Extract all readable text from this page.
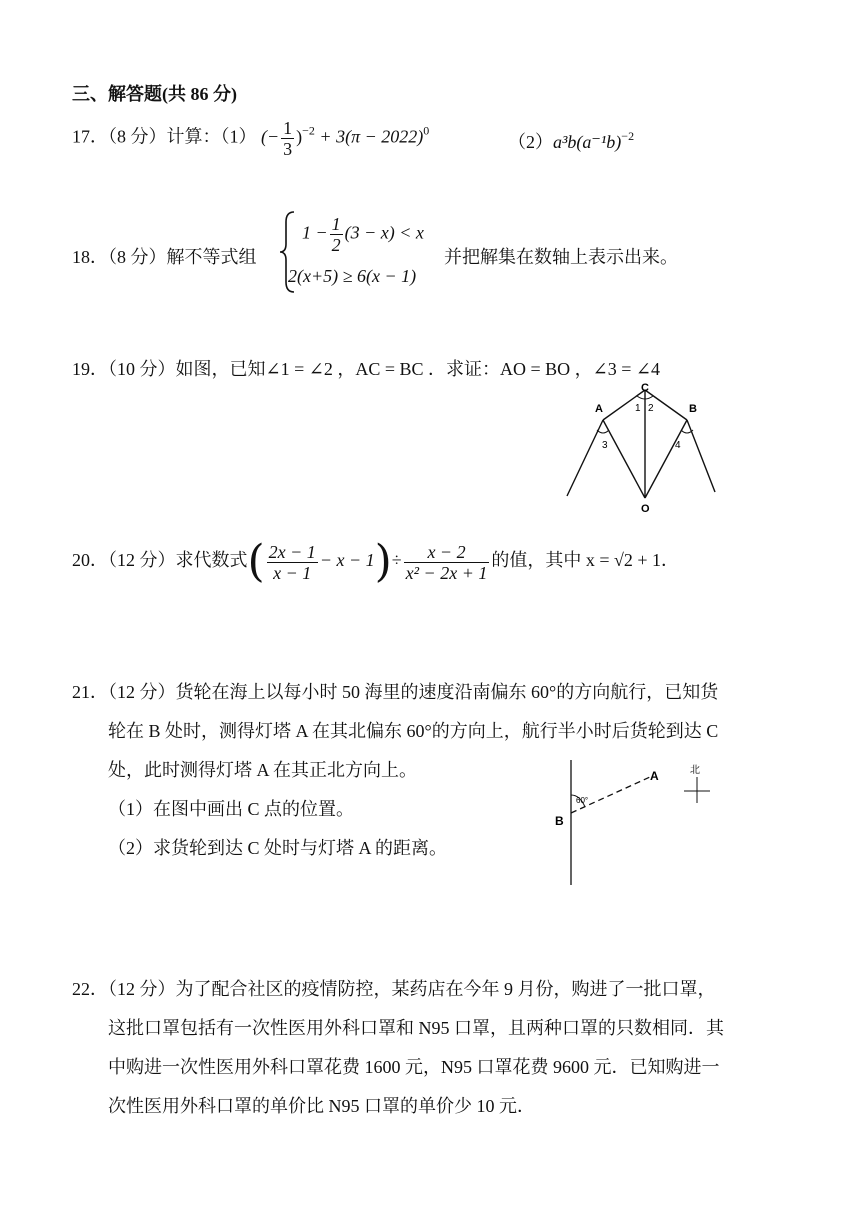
三、解答题(共 86 分)
17．（8 分）计算：（1） (− $\frac{1}{3} )^{-2} + 3(\pi - 2022)^0$
$(2)a^3b(a^{-1}b)^{-2}$
18．（8 分）解不等式组
$1 - \frac{1}{2} (3 - x) < x$
2(x+5) ≥ 6(x − 1)
并把解集在数轴上表示出来。
19．（10 分）如图，已知∠1 = ∠2 ，AC = BC ．求证：AO = BO ，∠3 = ∠4
C
A	B
O
1 2
3	4
20．（12 分）求代数式( $\frac{2x - 1}{x - 1} - x - 1)\div \frac{x - 2}{\text{x² − 2x + 1}}$ 的值，其中 x = √2 + 1．
21．（12 分）货轮在海上以每小时 50 海里的速度沿南偏东 60°的方向航行，已知货
轮在 B 处时，测得灯塔 A 在其北偏东 60°的方向上，航行半小时后货轮到达 C
处，此时测得灯塔 A 在其正北方向上。
（1）在图中画出 C 点的位置。
（2）求货轮到达 C 处时与灯塔 A 的距离。
60°
A
B
北
22．（12 分）为了配合社区的疫情防控，某药店在今年 9 月份，购进了一批口罩，
这批口罩包括有一次性医用外科口罩和 N95 口罩，且两种口罩的只数相同．其
中购进一次性医用外科口罩花费 1600 元，N95 口罩花费 9600 元．已知购进一
次性医用外科口罩的单价比 N95 口罩的单价少 10 元．
